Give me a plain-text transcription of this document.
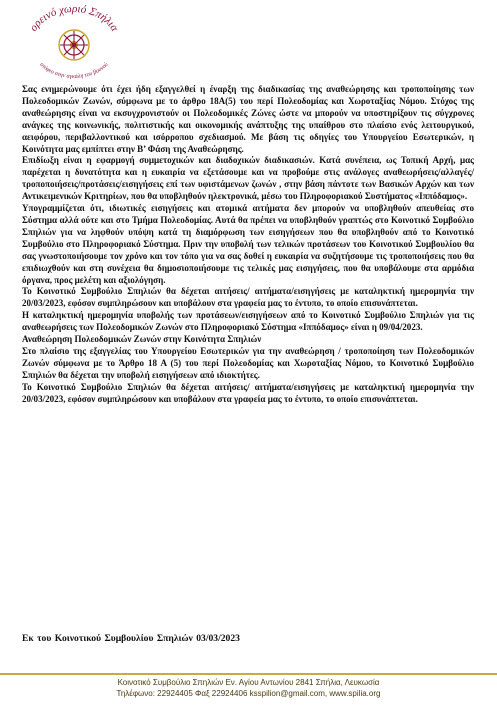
ορεινό χωριό Σπήλια
ατόφιο στην αγκάλη του βουνού

Σας ενημερώνουμε ότι έχει ήδη εξαγγελθεί η έναρξη της διαδικασίας της αναθεώρησης και τροποποίησης των Πολεοδομικών Ζωνών, σύμφωνα με το άρθρο 18Α(5) του περί Πολεοδομίας και Χωροταξίας Νόμου. Στόχος της αναθεώρησης είναι να εκσυγχρονιστούν οι Πολεοδομικές Ζώνες ώστε να μπορούν να υποστηρίξουν τις σύγχρονες ανάγκες της κοινωνικής, πολιτιστικής και οικονομικής ανάπτυξης της υπαίθρου στο πλαίσιο ενός λειτουργικού, αειφόρου, περιβαλλοντικού και ισόρροπου σχεδιασμού. Με βάση τις οδηγίες του Υπουργείου Εσωτερικών, η Κοινότητα μας εμπίπτει στην Β’ Φάση της Αναθεώρησης.

Επιδίωξη είναι η εφαρμογή συμμετοχικών και διαδοχικών διαδικασιών. Κατά συνέπεια, ως Τοπική Αρχή, μας παρέχεται η δυνατότητα και η ευκαιρία να εξετάσουμε και να προβούμε στις ανάλογες αναθεωρήσεις/αλλαγές/τροποποιήσεις/προτάσεις/εισηγήσεις επί των υφιστάμενων ζωνών , στην βάση πάντοτε των Βασικών Αρχών και των Αντικειμενικών Κριτηρίων, που θα υποβληθούν ηλεκτρονικά, μέσω του Πληροφοριακού Συστήματος «Ιππόδαμος».

Υπογραμμίζεται ότι, ιδιωτικές εισηγήσεις και ατομικά αιτήματα δεν μπορούν να υποβληθούν απευθείας στο Σύστημα αλλά ούτε και στο Τμήμα Πολεοδομίας. Αυτά θα πρέπει να υποβληθούν γραπτώς στο Κοινοτικό Συμβούλιο Σπηλιών για να ληφθούν υπόψη κατά τη διαμόρφωση των εισηγήσεων που θα υποβληθούν από το Κοινοτικό Συμβούλιο στο Πληροφοριακό Σύστημα. Πριν την υποβολή των τελικών προτάσεων του Κοινοτικού Συμβουλίου θα σας γνωστοποιήσουμε τον χρόνο και τον τόπο για να σας δοθεί η ευκαιρία να συζητήσουμε τις τροποποιήσεις που θα επιδιωχθούν και στη συνέχεια θα δημοσιοποιήσουμε τις τελικές μας εισηγήσεις, που θα υποβάλουμε στα αρμόδια όργανα, προς μελέτη και αξιολόγηση.

Το Κοινοτικό Συμβούλιο Σπηλιών θα δέχεται αιτήσεις/ αιτήματα/εισηγήσεις με καταληκτική ημερομηνία την 20/03/2023, εφόσον συμπληρώσουν και υποβάλουν στα γραφεία μας το έντυπο, το οποίο επισυνάπτεται.

Η καταληκτική ημερομηνία υποβολής των προτάσεων/εισηγήσεων από το Κοινοτικό Συμβούλιο Σπηλιών για τις αναθεωρήσεις των Πολεοδομικών Ζωνών στο Πληροφοριακό Σύστημα «Ιππόδαμος» είναι η 09/04/2023.

Αναθεώρηση Πολεοδομικών Ζωνών στην Κοινότητα Σπηλιών

Στο πλαίσιο της εξαγγελίας του Υπουργείου Εσωτερικών για την αναθεώρηση / τροποποίηση των Πολεοδομικών Ζωνών σύμφωνα με το Άρθρο 18 Α (5) του περί Πολεοδομίας και Χωροταξίας Νόμου, το Κοινοτικό Συμβούλιο Σπηλιών θα δέχεται την υποβολή εισηγήσεων από ιδιοκτήτες.

Το Κοινοτικό Συμβούλιο Σπηλιών θα δέχεται αιτήσεις/ αιτήματα/εισηγήσεις με καταληκτική ημερομηνία την 20/03/2023, εφόσον συμπληρώσουν και υποβάλουν στα γραφεία μας το έντυπο, το οποίο επισυνάπτεται.

Εκ του Κοινοτικού Συμβουλίου Σπηλιών 03/03/2023
Κοινοτικό Συμβούλιο Σπηλιών Εν. Αγίου Αντωνίου 2841 Σπήλια, Λευκωσία
Τηλέφωνο: 22924405 Φαξ 22924406 ksspilion@gmail.com, www.spilia.org
